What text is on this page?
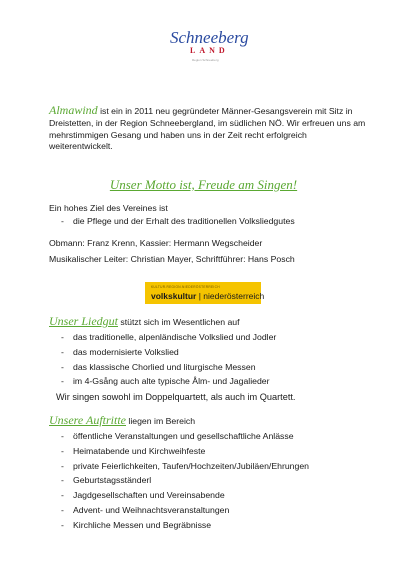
Schneeberg
LAND
Region Schneeberg
Almawind ist ein in 2011 neu gegründeter Männer-Gesangsverein mit Sitz in Dreistetten, in der Region Schneebergland, im südlichen NÖ. Wir erfreuen uns am mehrstimmigen Gesang und haben uns in der Zeit recht erfolgreich weiterentwickelt.
Unser Motto ist, Freude am Singen!
Ein hohes Ziel des Vereines ist
- die Pflege und der Erhalt des traditionellen Volksliedgutes
Obmann: Franz Krenn, Kassier: Hermann Wegscheider
Musikalischer Leiter: Christian Mayer, Schriftführer: Hans Posch
KULTUR.REGION.NIEDERÖSTERREICH
volkskultur | niederösterreich
Unser Liedgut stützt sich im Wesentlichen auf
- das traditionelle, alpenländische Volkslied und Jodler
- das modernisierte Volkslied
- das klassische Chorlied und liturgische Messen
- im 4-Gsång auch alte typische Ålm- und Jagalieder
Wir singen sowohl im Doppelquartett, als auch im Quartett.
Unsere Auftritte liegen im Bereich
- öffentliche Veranstaltungen und gesellschaftliche Anlässe
- Heimatabende und Kirchweihfeste
- private Feierlichkeiten, Taufen/Hochzeiten/Jubiläen/Ehrungen
- Geburtstagsständerl
- Jagdgesellschaften und Vereinsabende
- Advent- und Weihnachtsveranstaltungen
- Kirchliche Messen und Begräbnisse
